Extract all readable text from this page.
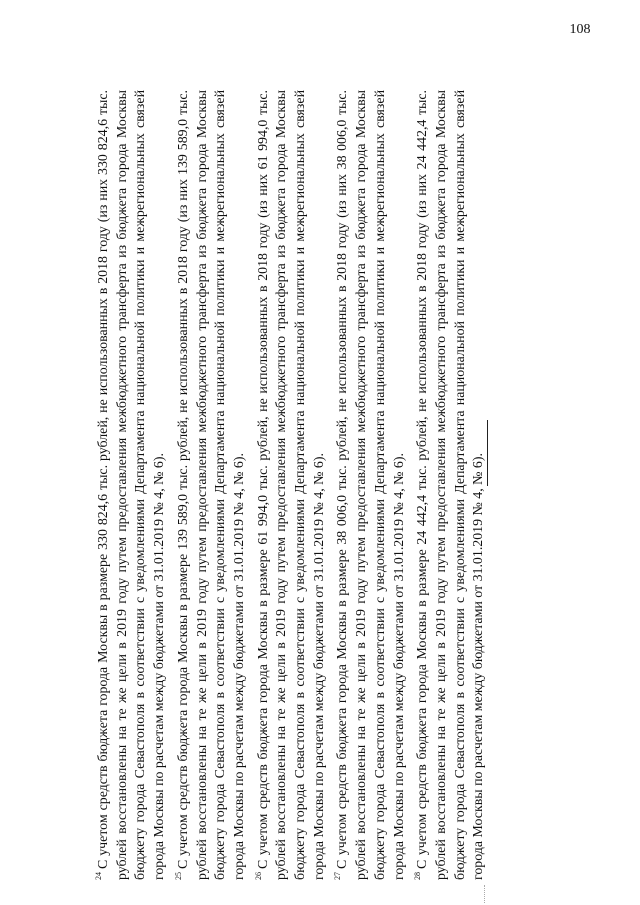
108

$^{24}$С учетом средств бюджета города Москвы в размере 330 824,6 тыс. рублей, не использованных в 2018 году (из них 330 824,6 тыс. рублей восстановлены на те же цели в 2019 году путем предоставления межбюджетного трансферта из бюджета города Москвы бюджету города Севастополя в соответствии с уведомлениями Департамента национальной политики и межрегиональных связей города Москвы по расчетам между бюджетами от 31.01.2019 № 4, № 6). $^{25}$С учетом средств бюджета города Москвы в размере 139 589,0 тыс. рублей, не использованных в 2018 году (из них 139 589,0 тыс. рублей восстановлены на те же цели в 2019 году путем предоставления межбюджетного трансферта из бюджета города Москвы бюджету города Севастополя в соответствии с уведомлениями Департамента национальной политики и межрегиональных связей города Москвы по расчетам между бюджетами от 31.01.2019 № 4, № 6). $^{26}$С учетом средств бюджета города Москвы в размере 61 994,0 тыс. рублей, не использованных в 2018 году (из них 61 994,0 тыс. рублей восстановлены на те же цели в 2019 году путем предоставления межбюджетного трансферта из бюджета города Москвы бюджету города Севастополя в соответствии с уведомлениями Департамента национальной политики и межрегиональных связей города Москвы по расчетам между бюджетами от 31.01.2019 № 4, № 6). $^{27}$С учетом средств бюджета города Москвы в размере 38 006,0 тыс. рублей, не использованных в 2018 году (из них 38 006,0 тыс. рублей восстановлены на те же цели в 2019 году путем предоставления межбюджетного трансферта из бюджета города Москвы бюджету города Севастополя в соответствии с уведомлениями Департамента национальной политики и межрегиональных связей города Москвы по расчетам между бюджетами от 31.01.2019 № 4, № 6). $^{28}$С учетом средств бюджета города Москвы в размере 24 442,4 тыс. рублей, не использованных в 2018 году (из них 24 442,4 тыс. рублей восстановлены на те же цели в 2019 году путем предоставления межбюджетного трансферта из бюджета города Москвы бюджету города Севастополя в соответствии с уведомлениями Департамента национальной политики и межрегиональных связей города Москвы по расчетам между бюджетами от 31.01.2019 № 4, № 6).
